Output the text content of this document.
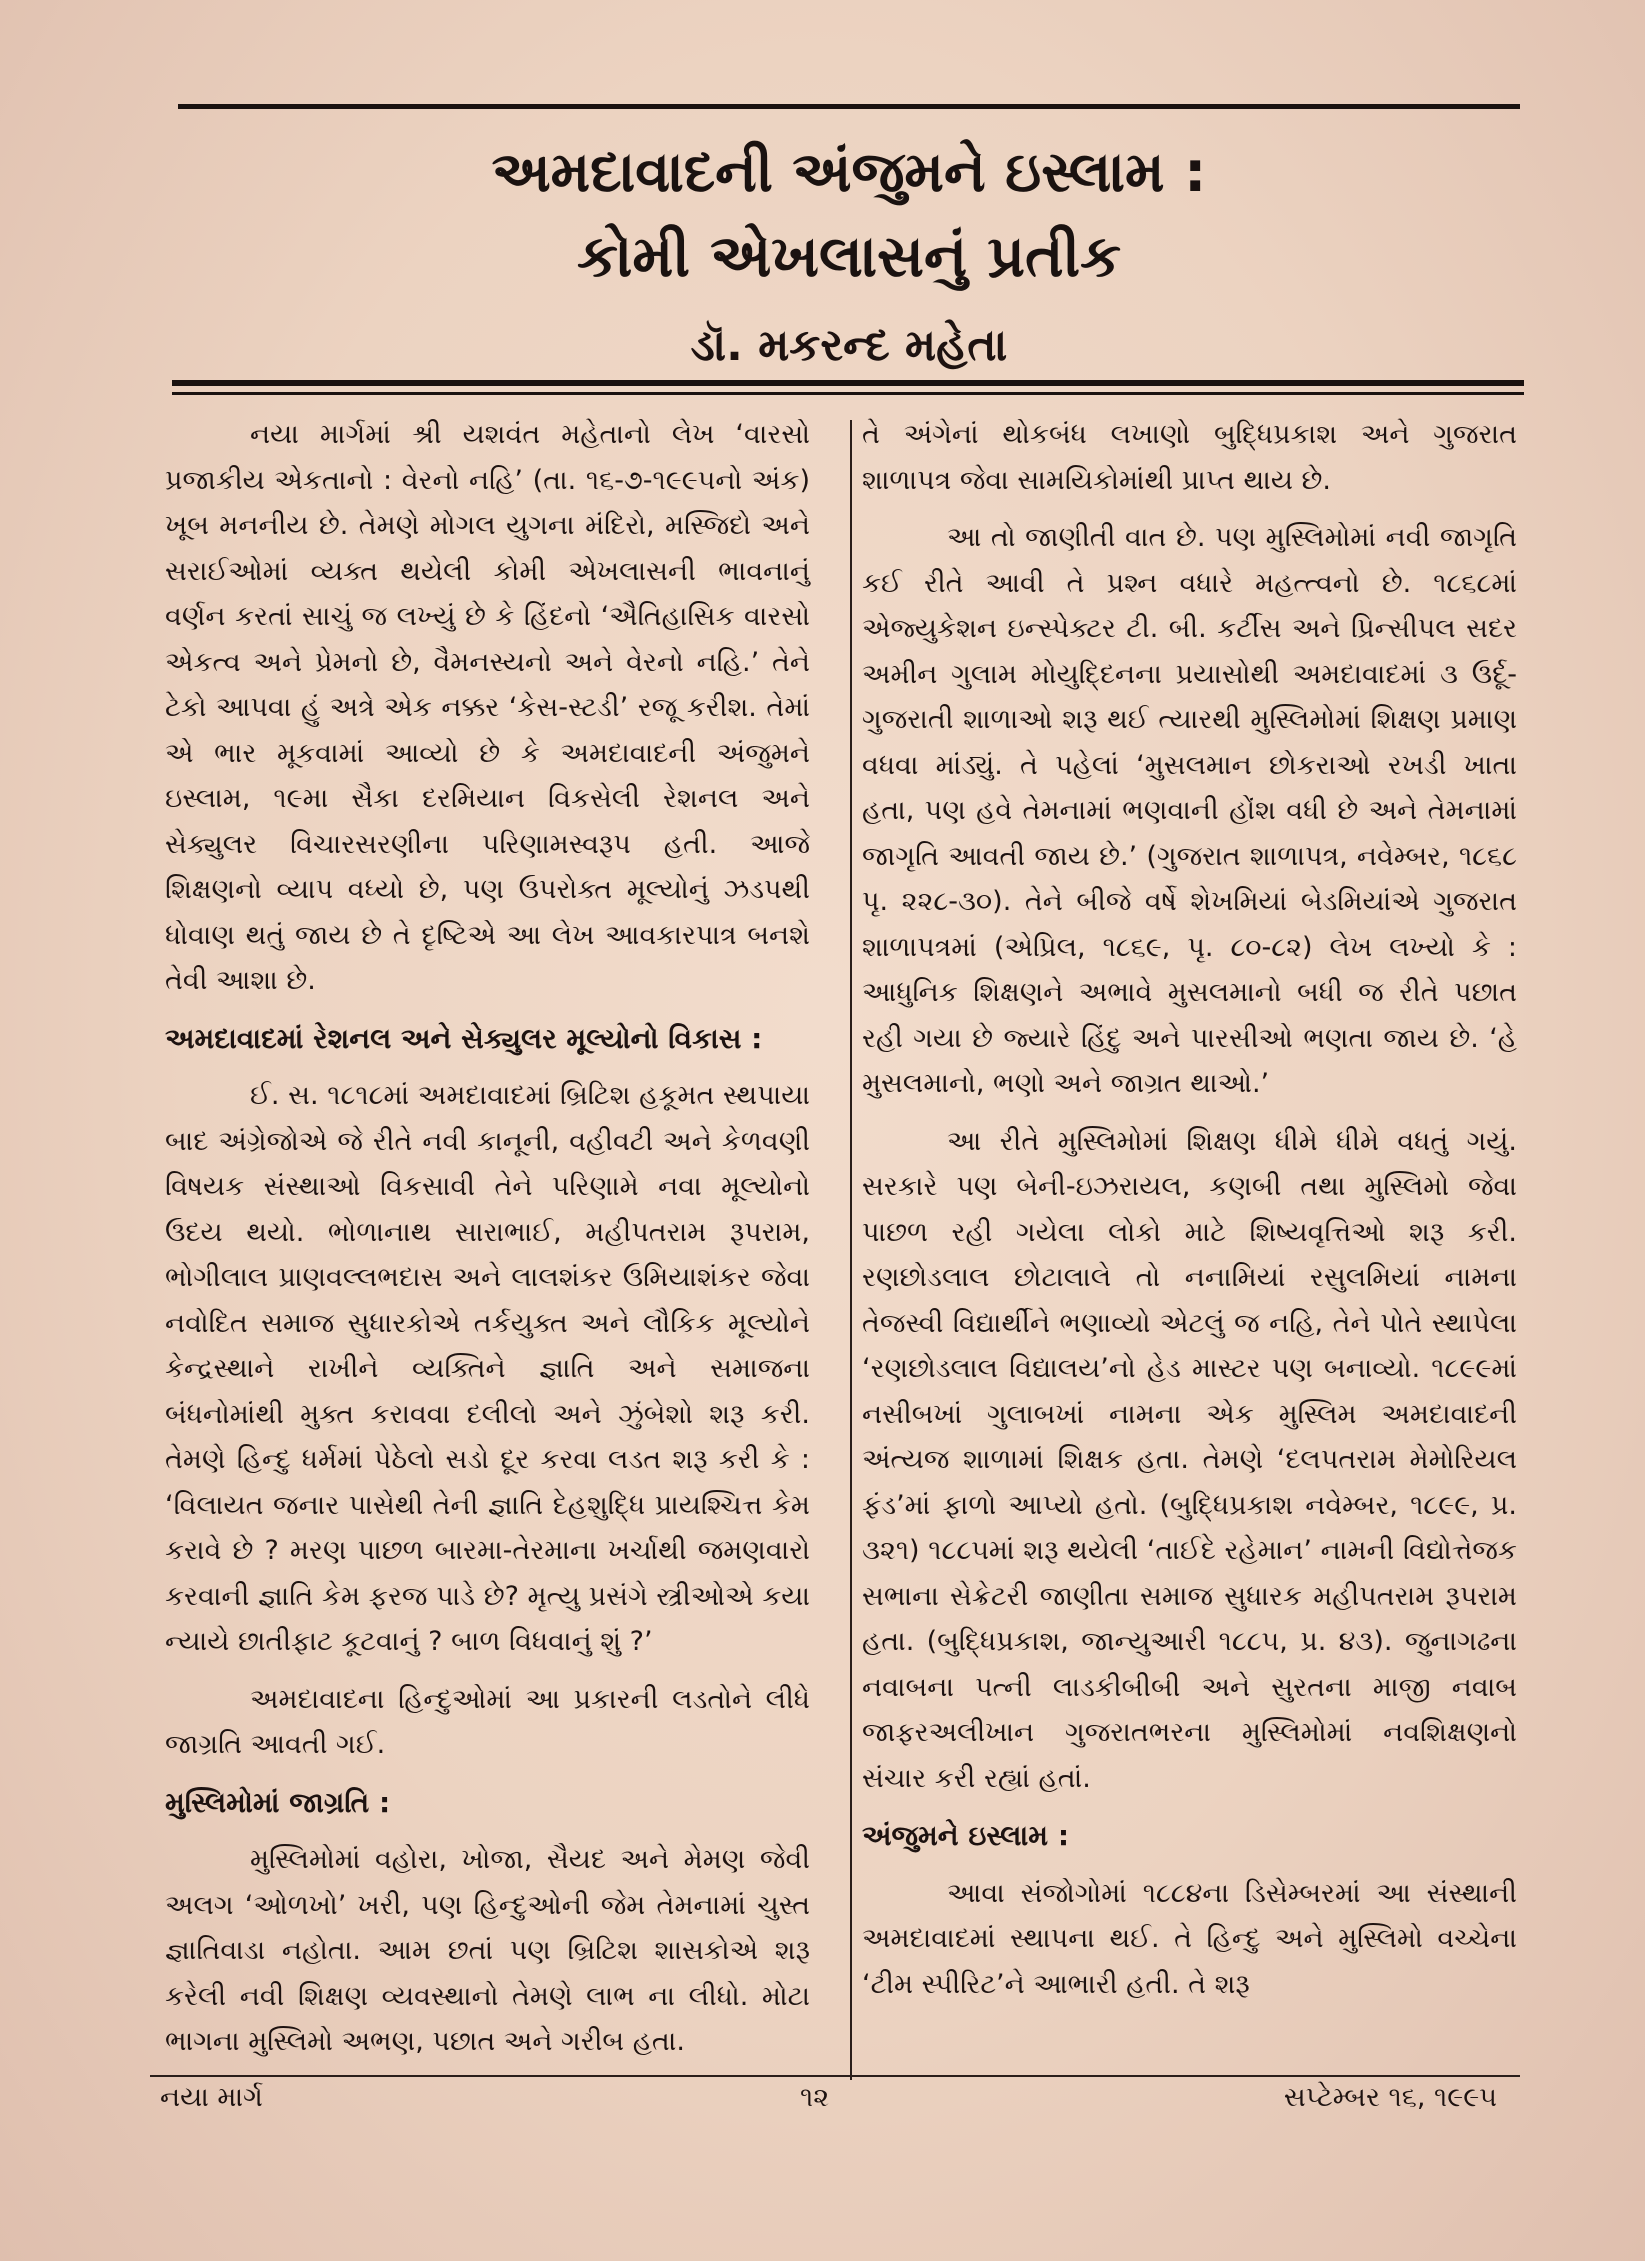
અમદાવાદની અંજુમને ઇસ્લામ :
કોમી એખલાસનું પ્રતીક
ડૉ. મકરન્દ મહેતા

નયા માર્ગમાં શ્રી યશવંત મહેતાનો લેખ ‘વારસો પ્રજાકીય એકતાનો : વેરનો નહિ’ (તા. ૧૬-૭-૧૯૯૫નો અંક) ખૂબ મનનીય છે. તેમણે મોગલ યુગના મંદિરો, મસ્જિદો અને સરાઈઓમાં વ્યક્ત થયેલી કોમી એખલાસની ભાવનાનું વર્ણન કરતાં સાચું જ લખ્યું છે કે હિંદનો ‘ઐતિહાસિક વારસો એકત્વ અને પ્રેમનો છે, વૈમનસ્યનો અને વેરનો નહિ.’ તેને ટેકો આપવા હું અત્રે એક નક્કર ‘કેસ-સ્ટડી’ રજૂ કરીશ. તેમાં એ ભાર મૂકવામાં આવ્યો છે કે અમદાવાદની અંજુમને ઇસ્લામ, ૧૯મા સૈકા દરમિયાન વિકસેલી રેશનલ અને સેક્યુલર વિચારસરણીના પરિણામસ્વરૂપ હતી. આજે શિક્ષણનો વ્યાપ વધ્યો છે, પણ ઉપરોક્ત મૂલ્યોનું ઝડપથી ધોવાણ થતું જાય છે તે દૃષ્ટિએ આ લેખ આવકારપાત્ર બનશે તેવી આશા છે.

અમદાવાદમાં રેશનલ અને સેક્યુલર મૂલ્યોનો વિકાસ :

ઈ. સ. ૧૮૧૮માં અમદાવાદમાં બ્રિટિશ હકૂમત સ્થપાયા બાદ અંગ્રેજોએ જે રીતે નવી કાનૂની, વહીવટી અને કેળવણી વિષયક સંસ્થાઓ વિકસાવી તેને પરિણામે નવા મૂલ્યોનો ઉદય થયો. ભોળાનાથ સારાભાઈ, મહીપતરામ રૂપરામ, ભોગીલાલ પ્રાણવલ્લભદાસ અને લાલશંકર ઉમિયાશંકર જેવા નવોદિત સમાજ સુધારકોએ તર્કયુક્ત અને લૌકિક મૂલ્યોને કેન્દ્રસ્થાને રાખીને વ્યક્તિને જ્ઞાતિ અને સમાજના બંધનોમાંથી મુક્ત કરાવવા દલીલો અને ઝુંબેશો શરૂ કરી. તેમણે હિન્દુ ધર્મમાં પેઠેલો સડો દૂર કરવા લડત શરૂ કરી કે : ‘વિલાયત જનાર પાસેથી તેની જ્ઞાતિ દેહશુદ્ધિ પ્રાયશ્ચિત્ત કેમ કરાવે છે ? મરણ પાછળ બારમા-તેરમાના ખર્ચાથી જમણવારો કરવાની જ્ઞાતિ કેમ ફરજ પાડે છે? મૃત્યુ પ્રસંગે સ્ત્રીઓએ કયા ન્યાયે છાતીફાટ કૂટવાનું ? બાળ વિધવાનું શું ?’

અમદાવાદના હિન્દુઓમાં આ પ્રકારની લડતોને લીધે જાગ્રતિ આવતી ગઈ.

મુસ્લિમોમાં જાગ્રતિ :

મુસ્લિમોમાં વહોરા, ખોજા, સૈયદ અને મેમણ જેવી અલગ ‘ઓળખો’ ખરી, પણ હિન્દુઓની જેમ તેમનામાં ચુસ્ત જ્ઞાતિવાડા નહોતા. આમ છતાં પણ બ્રિટિશ શાસકોએ શરૂ કરેલી નવી શિક્ષણ વ્યવસ્થાનો તેમણે લાભ ના લીધો. મોટા ભાગના મુસ્લિમો અભણ, પછાત અને ગરીબ હતા.

તે અંગેનાં થોકબંધ લખાણો બુદ્ધિપ્રકાશ અને ગુજરાત શાળાપત્ર જેવા સામયિકોમાંથી પ્રાપ્ત થાય છે.

આ તો જાણીતી વાત છે. પણ મુસ્લિમોમાં નવી જાગૃતિ કઈ રીતે આવી તે પ્રશ્ન વધારે મહત્ત્વનો છે. ૧૮૬૮માં એજ્યુકેશન ઇન્સ્પેક્ટર ટી. બી. કર્ટીસ અને પ્રિન્સીપલ સદર અમીન ગુલામ મોયુદ્દિનના પ્રયાસોથી અમદાવાદમાં ૩ ઉર્દૂ-ગુજરાતી શાળાઓ શરૂ થઈ ત્યારથી મુસ્લિમોમાં શિક્ષણ પ્રમાણ વધવા માંડ્યું. તે પહેલાં ‘મુસલમાન છોકરાઓ રખડી ખાતા હતા, પણ હવે તેમનામાં ભણવાની હોંશ વધી છે અને તેમનામાં જાગૃતિ આવતી જાય છે.’ (ગુજરાત શાળાપત્ર, નવેમ્બર, ૧૮૬૮ પૃ. ૨૨૮-૩૦). તેને બીજે વર્ષે શેખમિયાં બેડમિયાંએ ગુજરાત શાળાપત્રમાં (એપ્રિલ, ૧૮૬૯, પૃ. ૮૦-૮૨) લેખ લખ્યો કે : આધુનિક શિક્ષણને અભાવે મુસલમાનો બધી જ રીતે પછાત રહી ગયા છે જ્યારે હિંદુ અને પારસીઓ ભણતા જાય છે. ‘હે મુસલમાનો, ભણો અને જાગ્રત થાઓ.’

આ રીતે મુસ્લિમોમાં શિક્ષણ ધીમે ધીમે વધતું ગયું. સરકારે પણ બેની-ઇઝરાયલ, કણબી તથા મુસ્લિમો જેવા પાછળ રહી ગયેલા લોકો માટે શિષ્યવૃત્તિઓ શરૂ કરી. રણછોડલાલ છોટાલાલે તો નનામિયાં રસુલમિયાં નામના તેજસ્વી વિદ્યાર્થીને ભણાવ્યો એટલું જ નહિ, તેને પોતે સ્થાપેલા ‘રણછોડલાલ વિદ્યાલય’નો હેડ માસ્ટર પણ બનાવ્યો. ૧૮૯૯માં નસીબખાં ગુલાબખાં નામના એક મુસ્લિમ અમદાવાદની અંત્યજ શાળામાં શિક્ષક હતા. તેમણે ‘દલપતરામ મેમોરિયલ ફંડ’માં ફાળો આપ્યો હતો. (બુદ્ધિપ્રકાશ નવેમ્બર, ૧૮૯૯, પ્ર. ૩૨૧) ૧૮૮૫માં શરૂ થયેલી ‘તાઈદે રહેમાન’ નામની વિદ્યોત્તેજક સભાના સેક્રેટરી જાણીતા સમાજ સુધારક મહીપતરામ રૂપરામ હતા. (બુદ્ધિપ્રકાશ, જાન્યુઆરી ૧૮૮૫, પ્ર. ૪૩). જુનાગઢના નવાબના પત્ની લાડકીબીબી અને સુરતના માજી નવાબ જાફરઅલીખાન ગુજરાતભરના મુસ્લિમોમાં નવશિક્ષણનો સંચાર કરી રહ્યાં હતાં.

અંજુમને ઇસ્લામ :

આવા સંજોગોમાં ૧૮૮૪ના ડિસેમ્બરમાં આ સંસ્થાની અમદાવાદમાં સ્થાપના થઈ. તે હિન્દુ અને મુસ્લિમો વચ્ચેના ‘ટીમ સ્પીરિટ’ને આભારી હતી. તે શરૂ

નયા માર્ગ	૧૨	સપ્ટેમ્બર ૧૬, ૧૯૯૫
